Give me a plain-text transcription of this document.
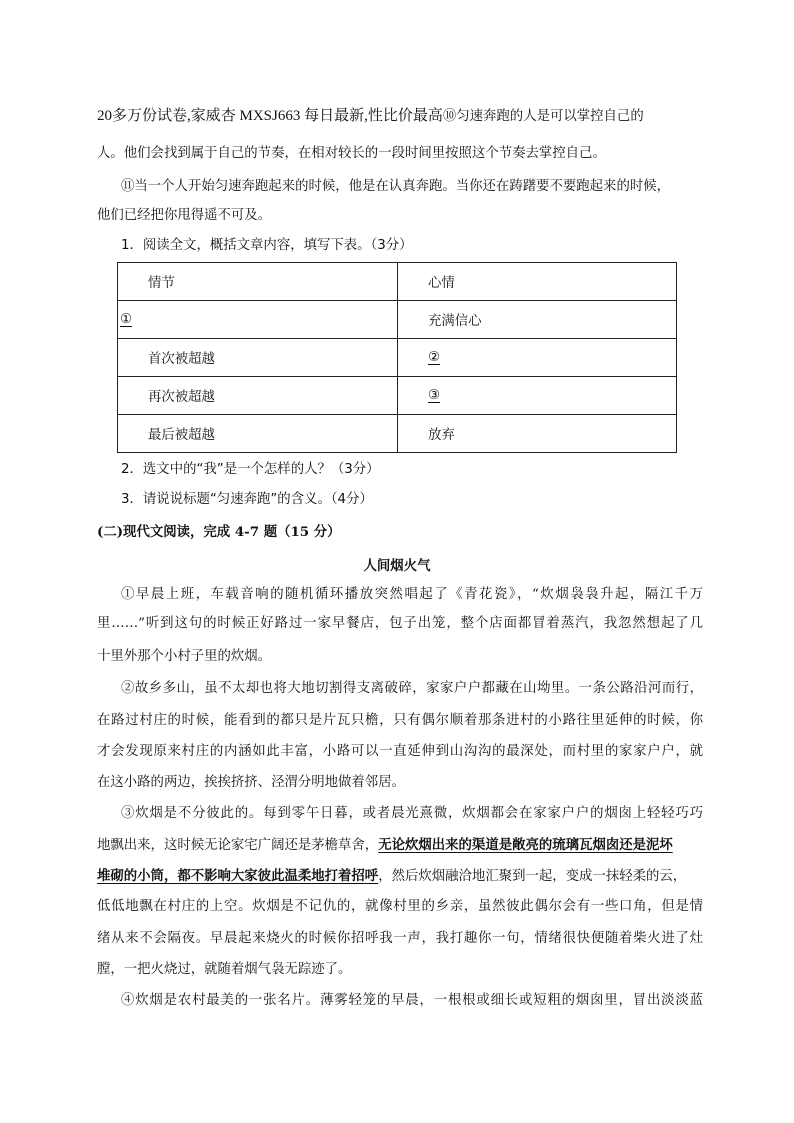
20多万份试卷,家威杏 MXSJ663 每日最新,性比价最高⑩匀速奔跑的人是可以掌控自己的
人。他们会找到属于自己的节奏，在相对较长的一段时间里按照这个节奏去掌控自己。
⑪当一个人开始匀速奔跑起来的时候，他是在认真奔跑。当你还在踌躇要不要跑起来的时候，
他们已经把你甩得遥不可及。
1．阅读全文，概括文章内容，填写下表。（3分）
情节	心情
①	充满信心
首次被超越	②
再次被超越	③
最后被超越	放弃
2．选文中的“我”是一个怎样的人？（3分）
3．请说说标题“匀速奔跑”的含义。（4分）
(二)现代文阅读，完成 4-7 题（15 分）
人间烟火气
①早晨上班，车载音响的随机循环播放突然唱起了《青花瓷》，“炊烟袅袅升起，隔江千万
里……”听到这句的时候正好路过一家早餐店，包子出笼，整个店面都冒着蒸汽，我忽然想起了几
十里外那个小村子里的炊烟。
②故乡多山，虽不太却也将大地切割得支离破碎，家家户户都藏在山坳里。一条公路沿河而行，
在路过村庄的时候，能看到的都只是片瓦只檐，只有偶尔顺着那条进村的小路往里延伸的时候，你
才会发现原来村庄的内涵如此丰富，小路可以一直延伸到山沟沟的最深处，而村里的家家户户，就
在这小路的两边，挨挨挤挤、泾渭分明地做着邻居。
③炊烟是不分彼此的。每到零午日暮，或者晨光熹微，炊烟都会在家家户户的烟囱上轻轻巧巧
地飘出来，这时候无论家宅广阔还是茅檐草舍，无论炊烟出来的渠道是敞亮的琉璃瓦烟囱还是泥坏
堆砌的小筒，都不影响大家彼此温柔地打着招呼，然后炊烟融洽地汇聚到一起，变成一抹轻柔的云，
低低地飘在村庄的上空。炊烟是不记仇的，就像村里的乡亲，虽然彼此偶尔会有一些口角，但是情
绪从来不会隔夜。早晨起来烧火的时候你招呼我一声，我打趣你一句，情绪很快便随着柴火进了灶
膛，一把火烧过，就随着烟气袅无踪迹了。
④炊烟是农村最美的一张名片。薄雾轻笼的早晨，一根根或细长或短粗的烟囱里，冒出淡淡蓝
